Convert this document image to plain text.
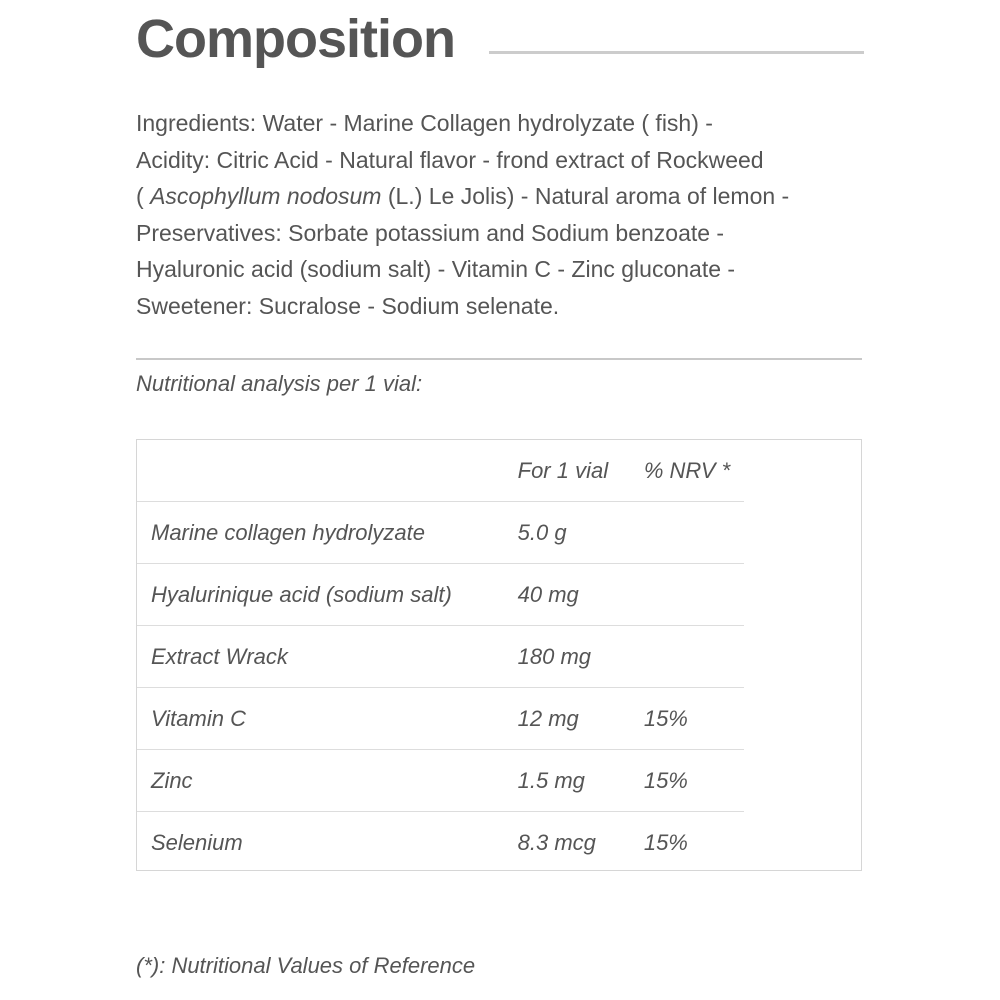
Composition

Ingredients: Water - Marine Collagen hydrolyzate ( fish) -

Acidity: Citric Acid - Natural flavor - frond extract of Rockweed

( Ascophyllum nodosum (L.) Le Jolis) - Natural aroma of lemon -

Preservatives: Sorbate potassium and Sodium benzoate -

Hyaluronic acid (sodium salt) - Vitamin C - Zinc gluconate -

Sweetener: Sucralose - Sodium selenate.

Nutritional analysis per 1 vial:
	For 1 vial	% NRV *
Marine collagen hydrolyzate	5.0 g	
Hyalurinique acid (sodium salt)	40 mg	
Extract Wrack	180 mg	
Vitamin C	12 mg	15%
Zinc	1.5 mg	15%
Selenium	8.3 mcg	15%
(*): Nutritional Values of Reference
